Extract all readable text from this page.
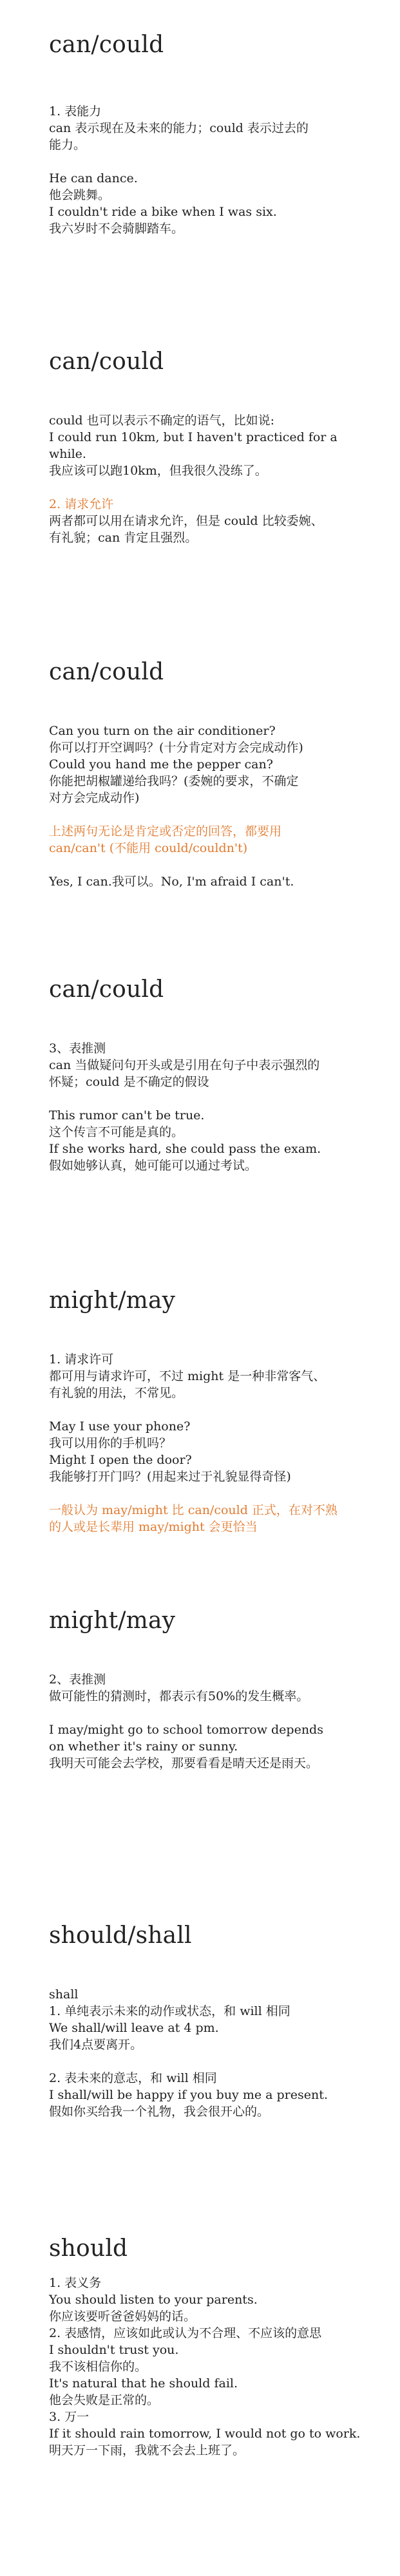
can/could
1. 表能力
can 表示现在及未来的能力；could 表示过去的
能力。
He can dance.
他会跳舞。
I couldn't ride a bike when I was six.
我六岁时不会骑脚踏车。
can/could
could 也可以表示不确定的语气，比如说:
I could run 10km, but I haven't practiced for a
while.
我应该可以跑10km，但我很久没练了。
2. 请求允许
两者都可以用在请求允许，但是 could 比较委婉、
有礼貌；can 肯定且强烈。
can/could
Can you turn on the air conditioner?
你可以打开空调吗？(十分肯定对方会完成动作)
Could you hand me the pepper can?
你能把胡椒罐递给我吗？(委婉的要求，不确定
对方会完成动作)
上述两句无论是肯定或否定的回答，都要用
can/can't (不能用 could/couldn't)
Yes, I can.我可以。No, I'm afraid I can't.
can/could
3、表推测
can 当做疑问句开头或是引用在句子中表示强烈的
怀疑；could 是不确定的假设
This rumor can't be true.
这个传言不可能是真的。
If she works hard, she could pass the exam.
假如她够认真，她可能可以通过考试。
might/may
1. 请求许可
都可用与请求许可，不过 might 是一种非常客气、
有礼貌的用法，不常见。
May I use your phone?
我可以用你的手机吗？
Might I open the door?
我能够打开门吗？(用起来过于礼貌显得奇怪)
一般认为 may/might 比 can/could 正式，在对不熟
的人或是长辈用 may/might 会更恰当
might/may
2、表推测
做可能性的猜测时，都表示有50%的发生概率。
I may/might go to school tomorrow depends
on whether it's rainy or sunny.
我明天可能会去学校，那要看看是晴天还是雨天。
should/shall
shall
1. 单纯表示未来的动作或状态，和 will 相同
We shall/will leave at 4 pm.
我们4点要离开。
2. 表未来的意志，和 will 相同
I shall/will be happy if you buy me a present.
假如你买给我一个礼物，我会很开心的。
should
1. 表义务
You should listen to your parents.
你应该要听爸爸妈妈的话。
2. 表感情，应该如此或认为不合理、不应该的意思
I shouldn't trust you.
我不该相信你的。
It's natural that he should fail.
他会失败是正常的。
3. 万一
If it should rain tomorrow, I would not go to work.
明天万一下雨，我就不会去上班了。
